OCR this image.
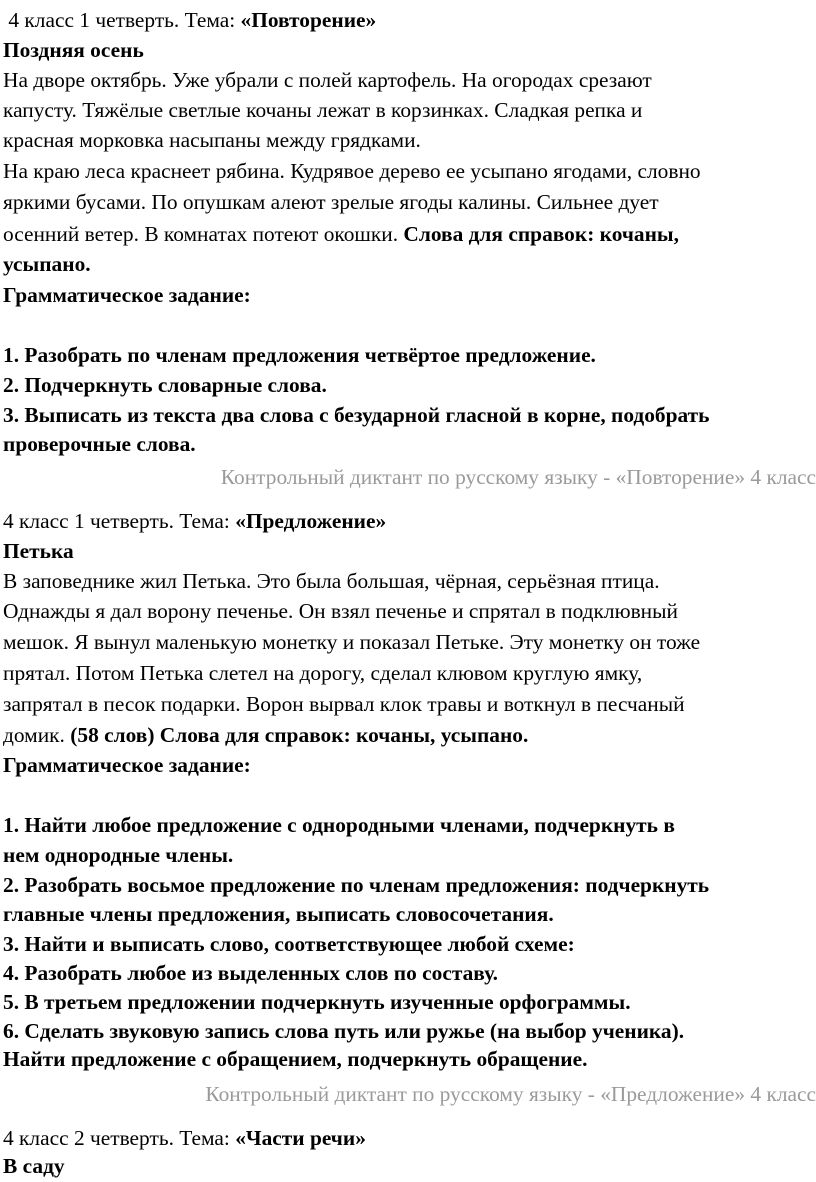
4 класс 1 четверть. Тема: «Повторение»
Поздняя осень
На дворе октябрь. Уже убрали с полей картофель. На огородах срезают
капусту. Тяжёлые светлые кочаны лежат в корзинках. Сладкая репка и
красная морковка насыпаны между грядками.
На краю леса краснеет рябина. Кудрявое дерево ее усыпано ягодами, словно
яркими бусами. По опушкам алеют зрелые ягоды калины. Сильнее дует
осенний ветер. В комнатах потеют окошки. Слова для справок: кочаны,
усыпано.
Грамматическое задание:
1. Разобрать по членам предложения четвёртое предложение.
2. Подчеркнуть словарные слова.
3. Выписать из текста два слова с безударной гласной в корне, подобрать
проверочные слова.
Контрольный диктант по русскому языку - «Повторение» 4 класс
4 класс 1 четверть. Тема: «Предложение»
Петька
В заповеднике жил Петька. Это была большая, чёрная, серьёзная птица.
Однажды я дал ворону печенье. Он взял печенье и спрятал в подклювный
мешок. Я вынул маленькую монетку и показал Петьке. Эту монетку он тоже
прятал. Потом Петька слетел на дорогу, сделал клювом круглую ямку,
запрятал в песок подарки. Ворон вырвал клок травы и воткнул в песчаный
домик. (58 слов) Слова для справок: кочаны, усыпано.
Грамматическое задание:
1. Найти любое предложение с однородными членами, подчеркнуть в
нем однородные члены.
2. Разобрать восьмое предложение по членам предложения: подчеркнуть
главные члены предложения, выписать словосочетания.
3. Найти и выписать слово, соответствующее любой схеме:
4. Разобрать любое из выделенных слов по составу.
5. В третьем предложении подчеркнуть изученные орфограммы.
6. Сделать звуковую запись слова путь или ружье (на выбор ученика).
Найти предложение с обращением, подчеркнуть обращение.
Контрольный диктант по русскому языку - «Предложение» 4 класс
4 класс 2 четверть. Тема: «Части речи»
В саду
